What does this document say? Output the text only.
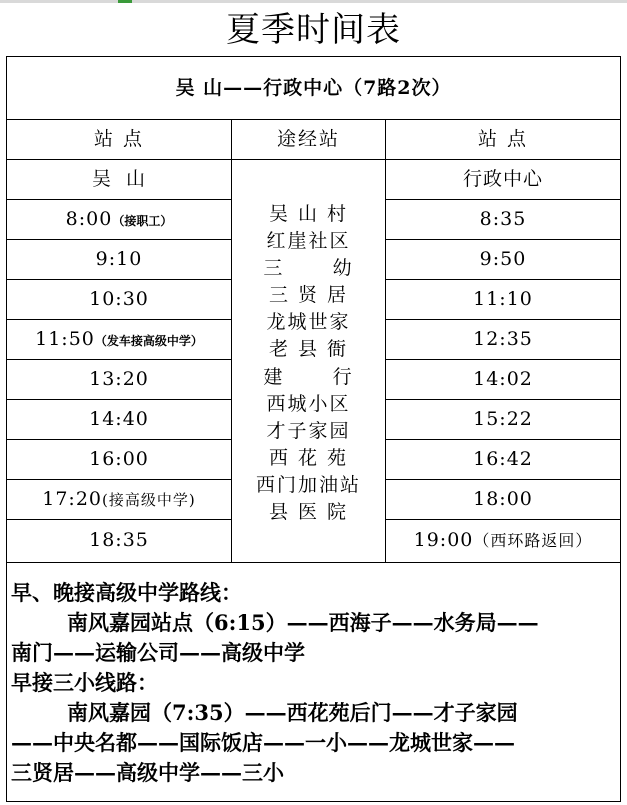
夏季时间表
吴 山——行政中心（7路2次）
站 点	途经站	站 点
吴 山 村
红崖社区
三      幼
三 贤 居
龙城世家
老 县 衙
建      行
西城小区
才子家园
西 花 苑
西门加油站
县 医 院
早、晚接高级中学路线：
南风嘉园站点（6:15）——西海子——水务局——
南门——运输公司——高级中学
早接三小线路：
南风嘉园（7:35）——西花苑后门——才子家园
——中央名都——国际饭店——一小——龙城世家——
三贤居——高级中学——三小
吴  山
8:00（接职工）
9:10
10:30
11:50（发车接高级中学）
13:20
14:40
16:00
17:20(接高级中学)
18:35
行政中心
8:35
9:50
11:10
12:35
14:02
15:22
16:42
18:00
19:00（西环路返回）
